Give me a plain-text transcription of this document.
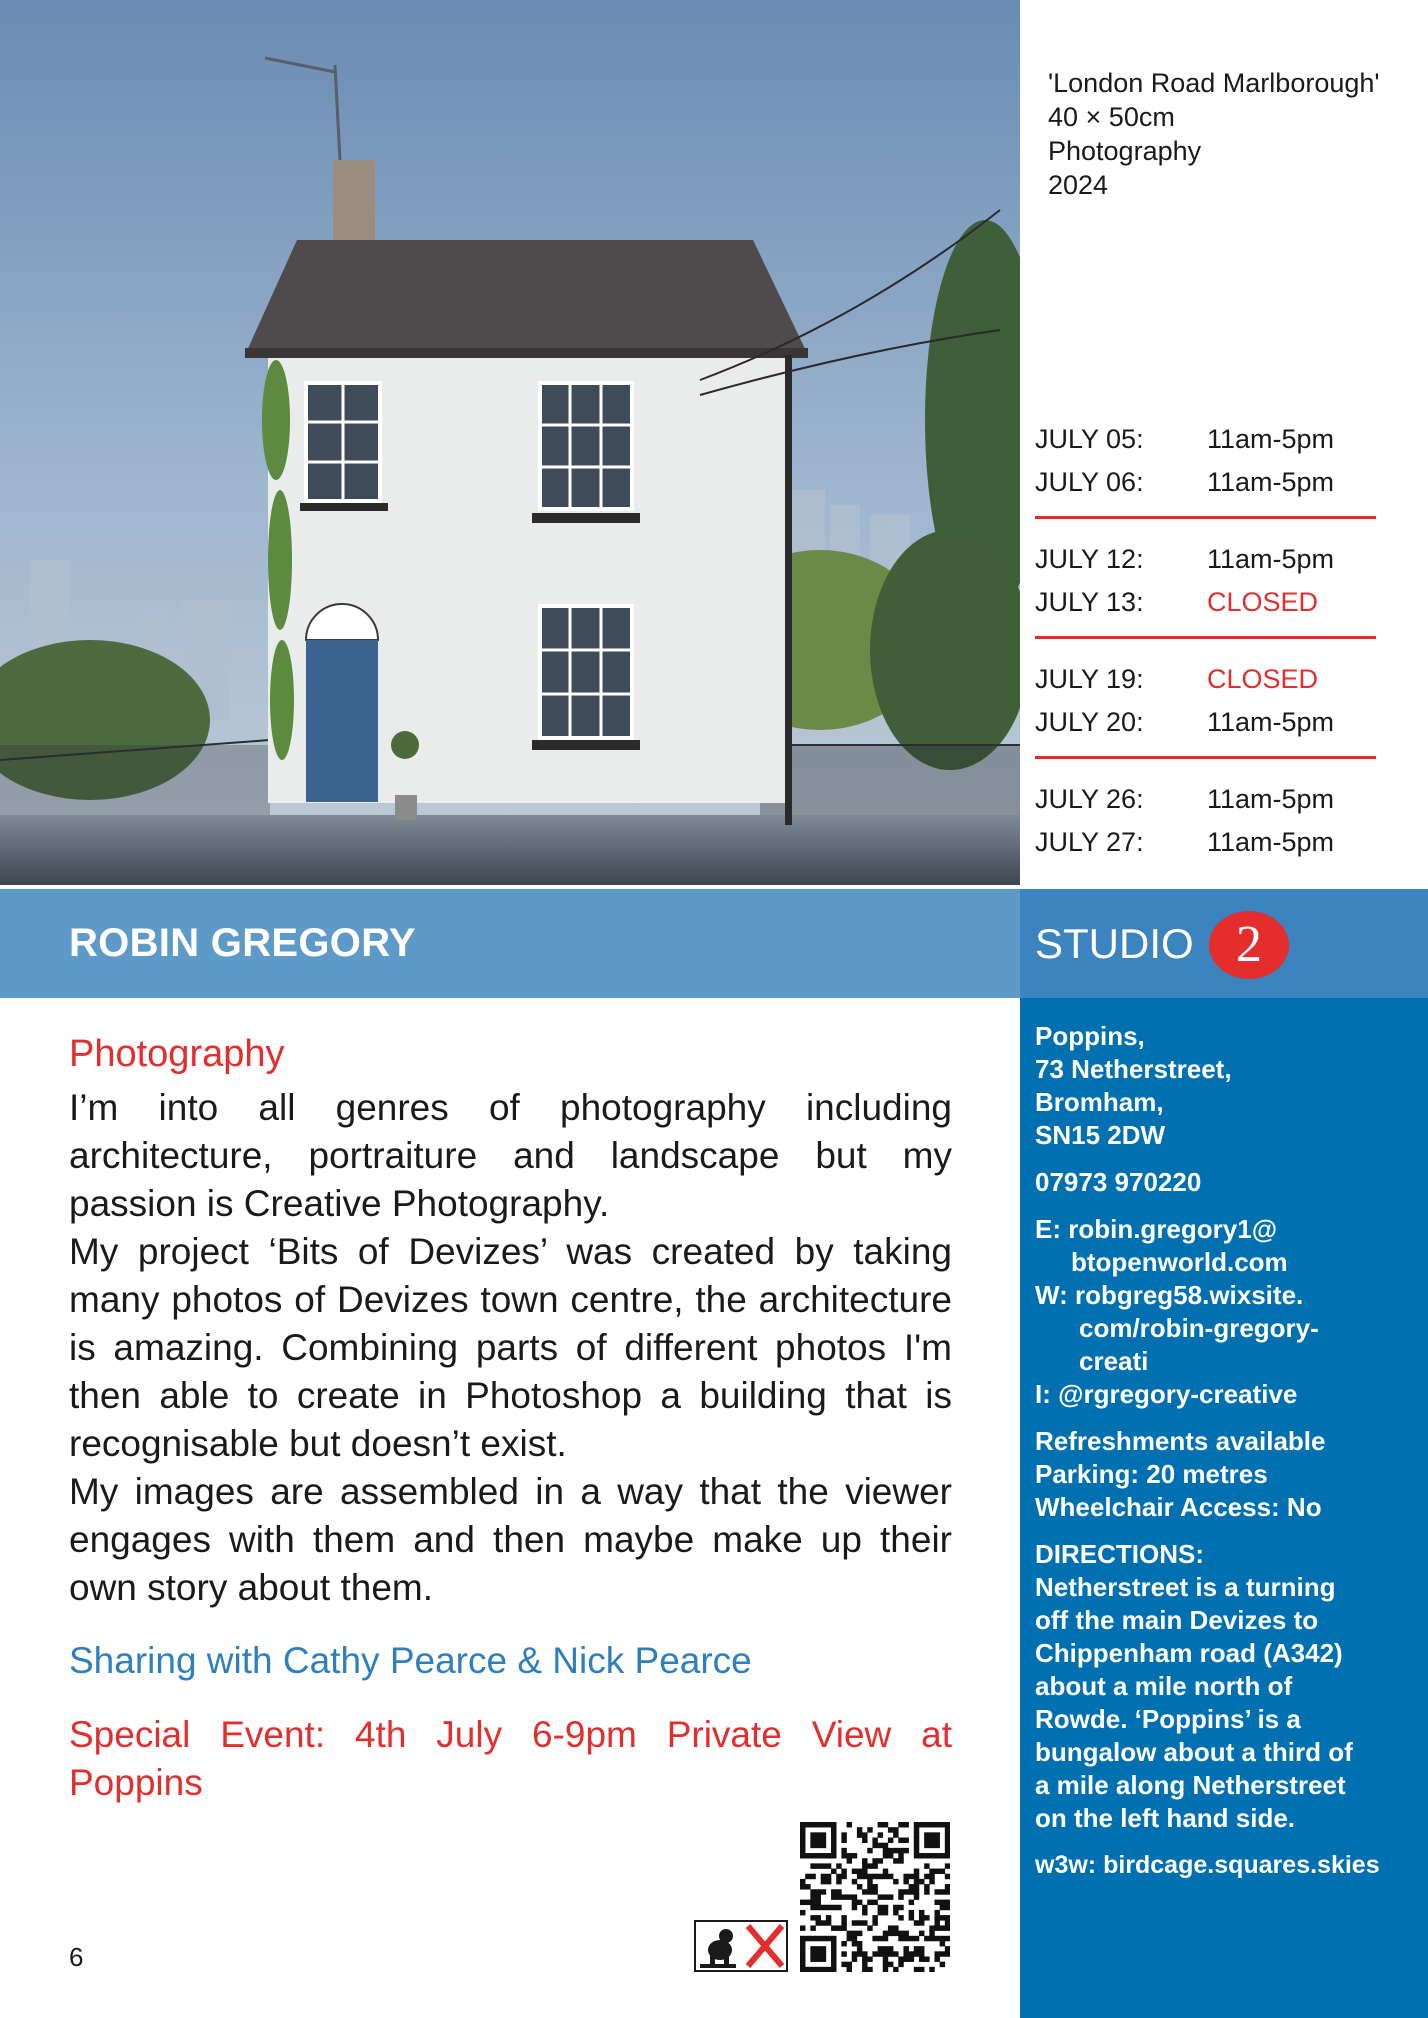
'London Road Marlborough'
40 × 50cm
Photography
2024
JULY 05:	11am-5pm
JULY 06:	11am-5pm
JULY 12:	11am-5pm
JULY 13:	CLOSED
JULY 19:	CLOSED
JULY 20:	11am-5pm
JULY 26:	11am-5pm
JULY 27:	11am-5pm
ROBIN GREGORY	STUDIO 2
Photography

I’m into all genres of photography including architecture, portraiture and landscape but my passion is Creative Photography.

My project ‘Bits of Devizes’ was created by taking many photos of Devizes town centre, the architecture is amazing. Combining parts of different photos I'm then able to create in Photoshop a building that is recognisable but doesn’t exist.

My images are assembled in a way that the viewer engages with them and then maybe make up their own story about them.

Sharing with Cathy Pearce & Nick Pearce
Special Event: 4th July 6-9pm Private View at Poppins
Poppins,
73 Netherstreet,
Bromham,
SN15 2DW
07973 970220
E: robin.gregory1@
btopenworld.com
W: robgreg58.wixsite.
com/robin-gregory-
creati
I: @rgregory-creative
Refreshments available
Parking: 20 metres
Wheelchair Access: No
DIRECTIONS:
Netherstreet is a turning
off the main Devizes to
Chippenham road (A342)
about a mile north of
Rowde. ‘Poppins’ is a
bungalow about a third of
a mile along Netherstreet
on the left hand side.
w3w: birdcage.squares.skies
6
